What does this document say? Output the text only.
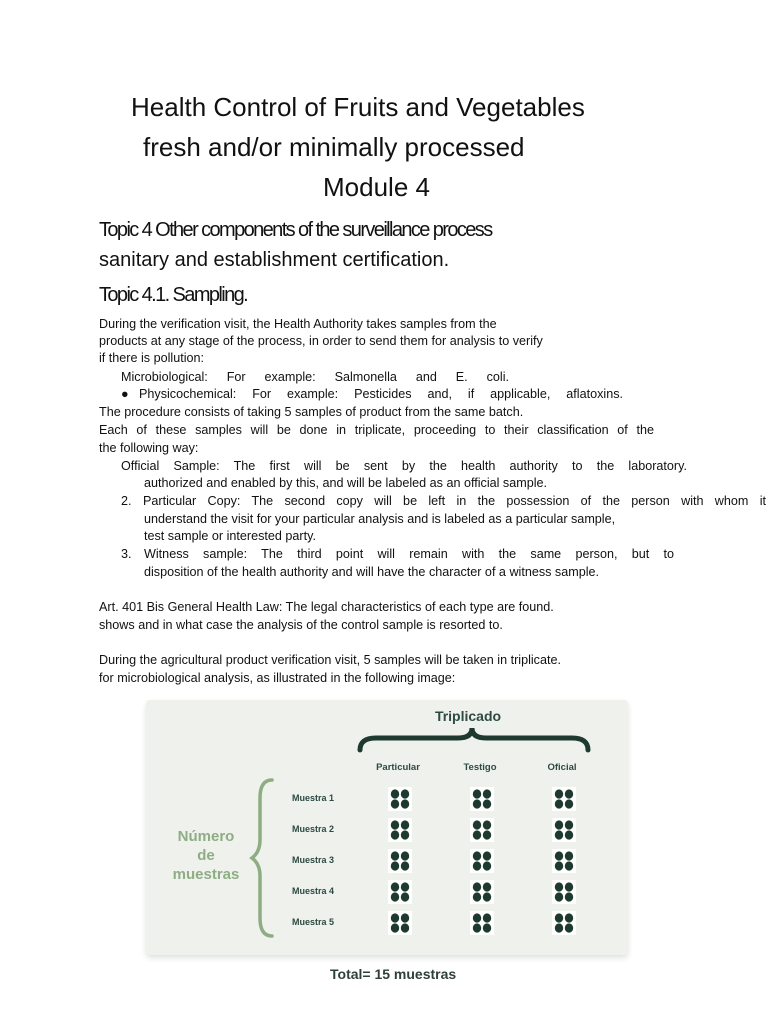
Health Control of Fruits and Vegetables
fresh and/or minimally processed
Module 4
Topic 4 Other components of the surveillance process
sanitary and establishment certification.
Topic 4.1. Sampling.
During the verification visit, the Health Authority takes samples from the
products at any stage of the process, in order to send them for analysis to verify
if there is pollution:
Microbiological: For example: Salmonella and E. coli.
● Physicochemical: For example: Pesticides and, if applicable, aflatoxins.
The procedure consists of taking 5 samples of product from the same batch.
Each of these samples will be done in triplicate, proceeding to their classification of the
the following way:
Official Sample: The first will be sent by the health authority to the laboratory.
authorized and enabled by this, and will be labeled as an official sample.
2. Particular Copy: The second copy will be left in the possession of the person with whom it
understand the visit for your particular analysis and is labeled as a particular sample,
test sample or interested party.
3. Witness sample: The third point will remain with the same person, but to
disposition of the health authority and will have the character of a witness sample.
Art. 401 Bis General Health Law: The legal characteristics of each type are found.
shows and in what case the analysis of the control sample is resorted to.
During the agricultural product verification visit, 5 samples will be taken in triplicate.
for microbiological analysis, as illustrated in the following image:
Triplicado
Particular	Testigo	Oficial
Número
de
muestras
Muestra 1
Muestra 2
Muestra 3
Muestra 4
Muestra 5
Total= 15 muestras
